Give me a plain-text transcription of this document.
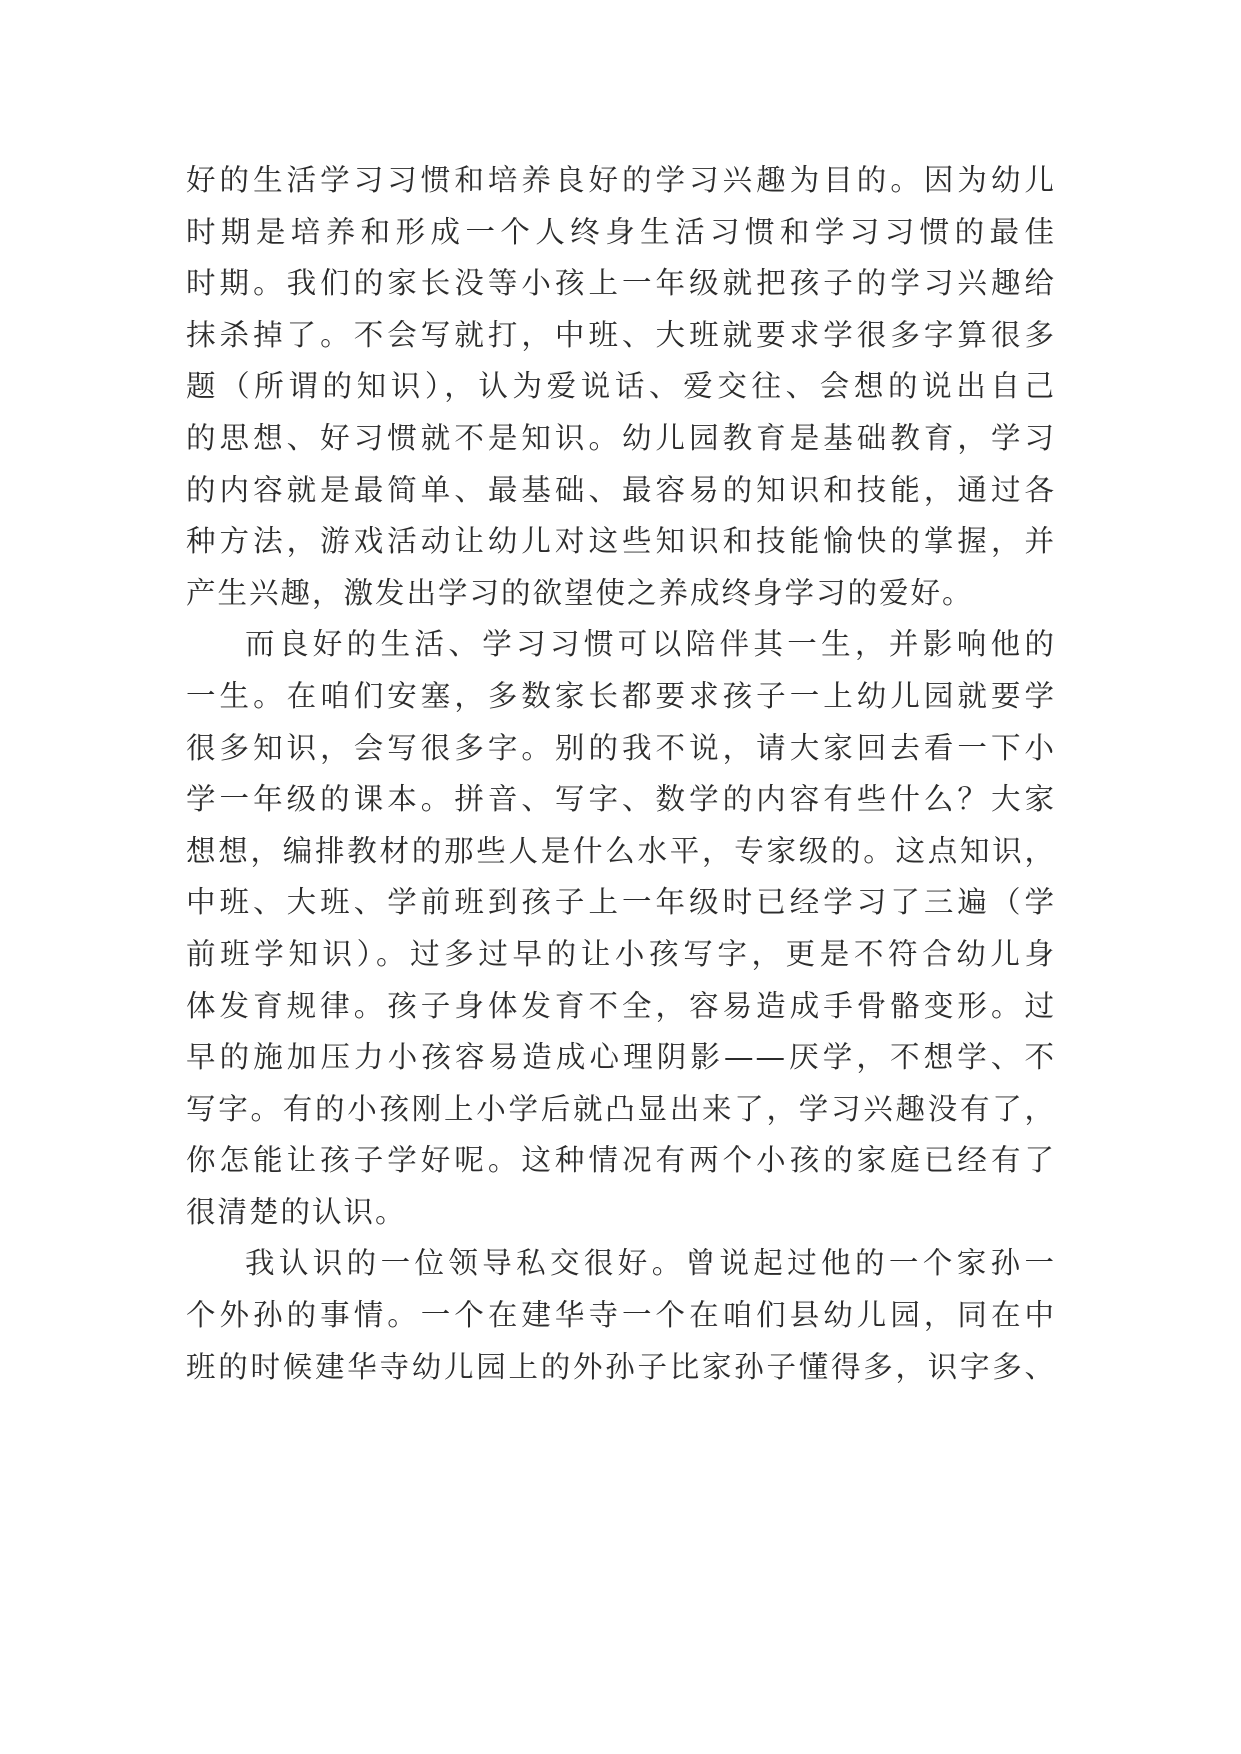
好的生活学习习惯和培养良好的学习兴趣为目的。因为幼儿
时期是培养和形成一个人终身生活习惯和学习习惯的最佳
时期。我们的家长没等小孩上一年级就把孩子的学习兴趣给
抹杀掉了。不会写就打，中班、大班就要求学很多字算很多
题（所谓的知识），认为爱说话、爱交往、会想的说出自己
的思想、好习惯就不是知识。幼儿园教育是基础教育，学习
的内容就是最简单、最基础、最容易的知识和技能，通过各
种方法，游戏活动让幼儿对这些知识和技能愉快的掌握，并
产生兴趣，激发出学习的欲望使之养成终身学习的爱好。
而良好的生活、学习习惯可以陪伴其一生，并影响他的
一生。在咱们安塞，多数家长都要求孩子一上幼儿园就要学
很多知识，会写很多字。别的我不说，请大家回去看一下小
学一年级的课本。拼音、写字、数学的内容有些什么？大家
想想，编排教材的那些人是什么水平，专家级的。这点知识，
中班、大班、学前班到孩子上一年级时已经学习了三遍（学
前班学知识）。过多过早的让小孩写字，更是不符合幼儿身
体发育规律。孩子身体发育不全，容易造成手骨骼变形。过
早的施加压力小孩容易造成心理阴影——厌学，不想学、不
写字。有的小孩刚上小学后就凸显出来了，学习兴趣没有了，
你怎能让孩子学好呢。这种情况有两个小孩的家庭已经有了
很清楚的认识。
我认识的一位领导私交很好。曾说起过他的一个家孙一
个外孙的事情。一个在建华寺一个在咱们县幼儿园，同在中
班的时候建华寺幼儿园上的外孙子比家孙子懂得多，识字多、
